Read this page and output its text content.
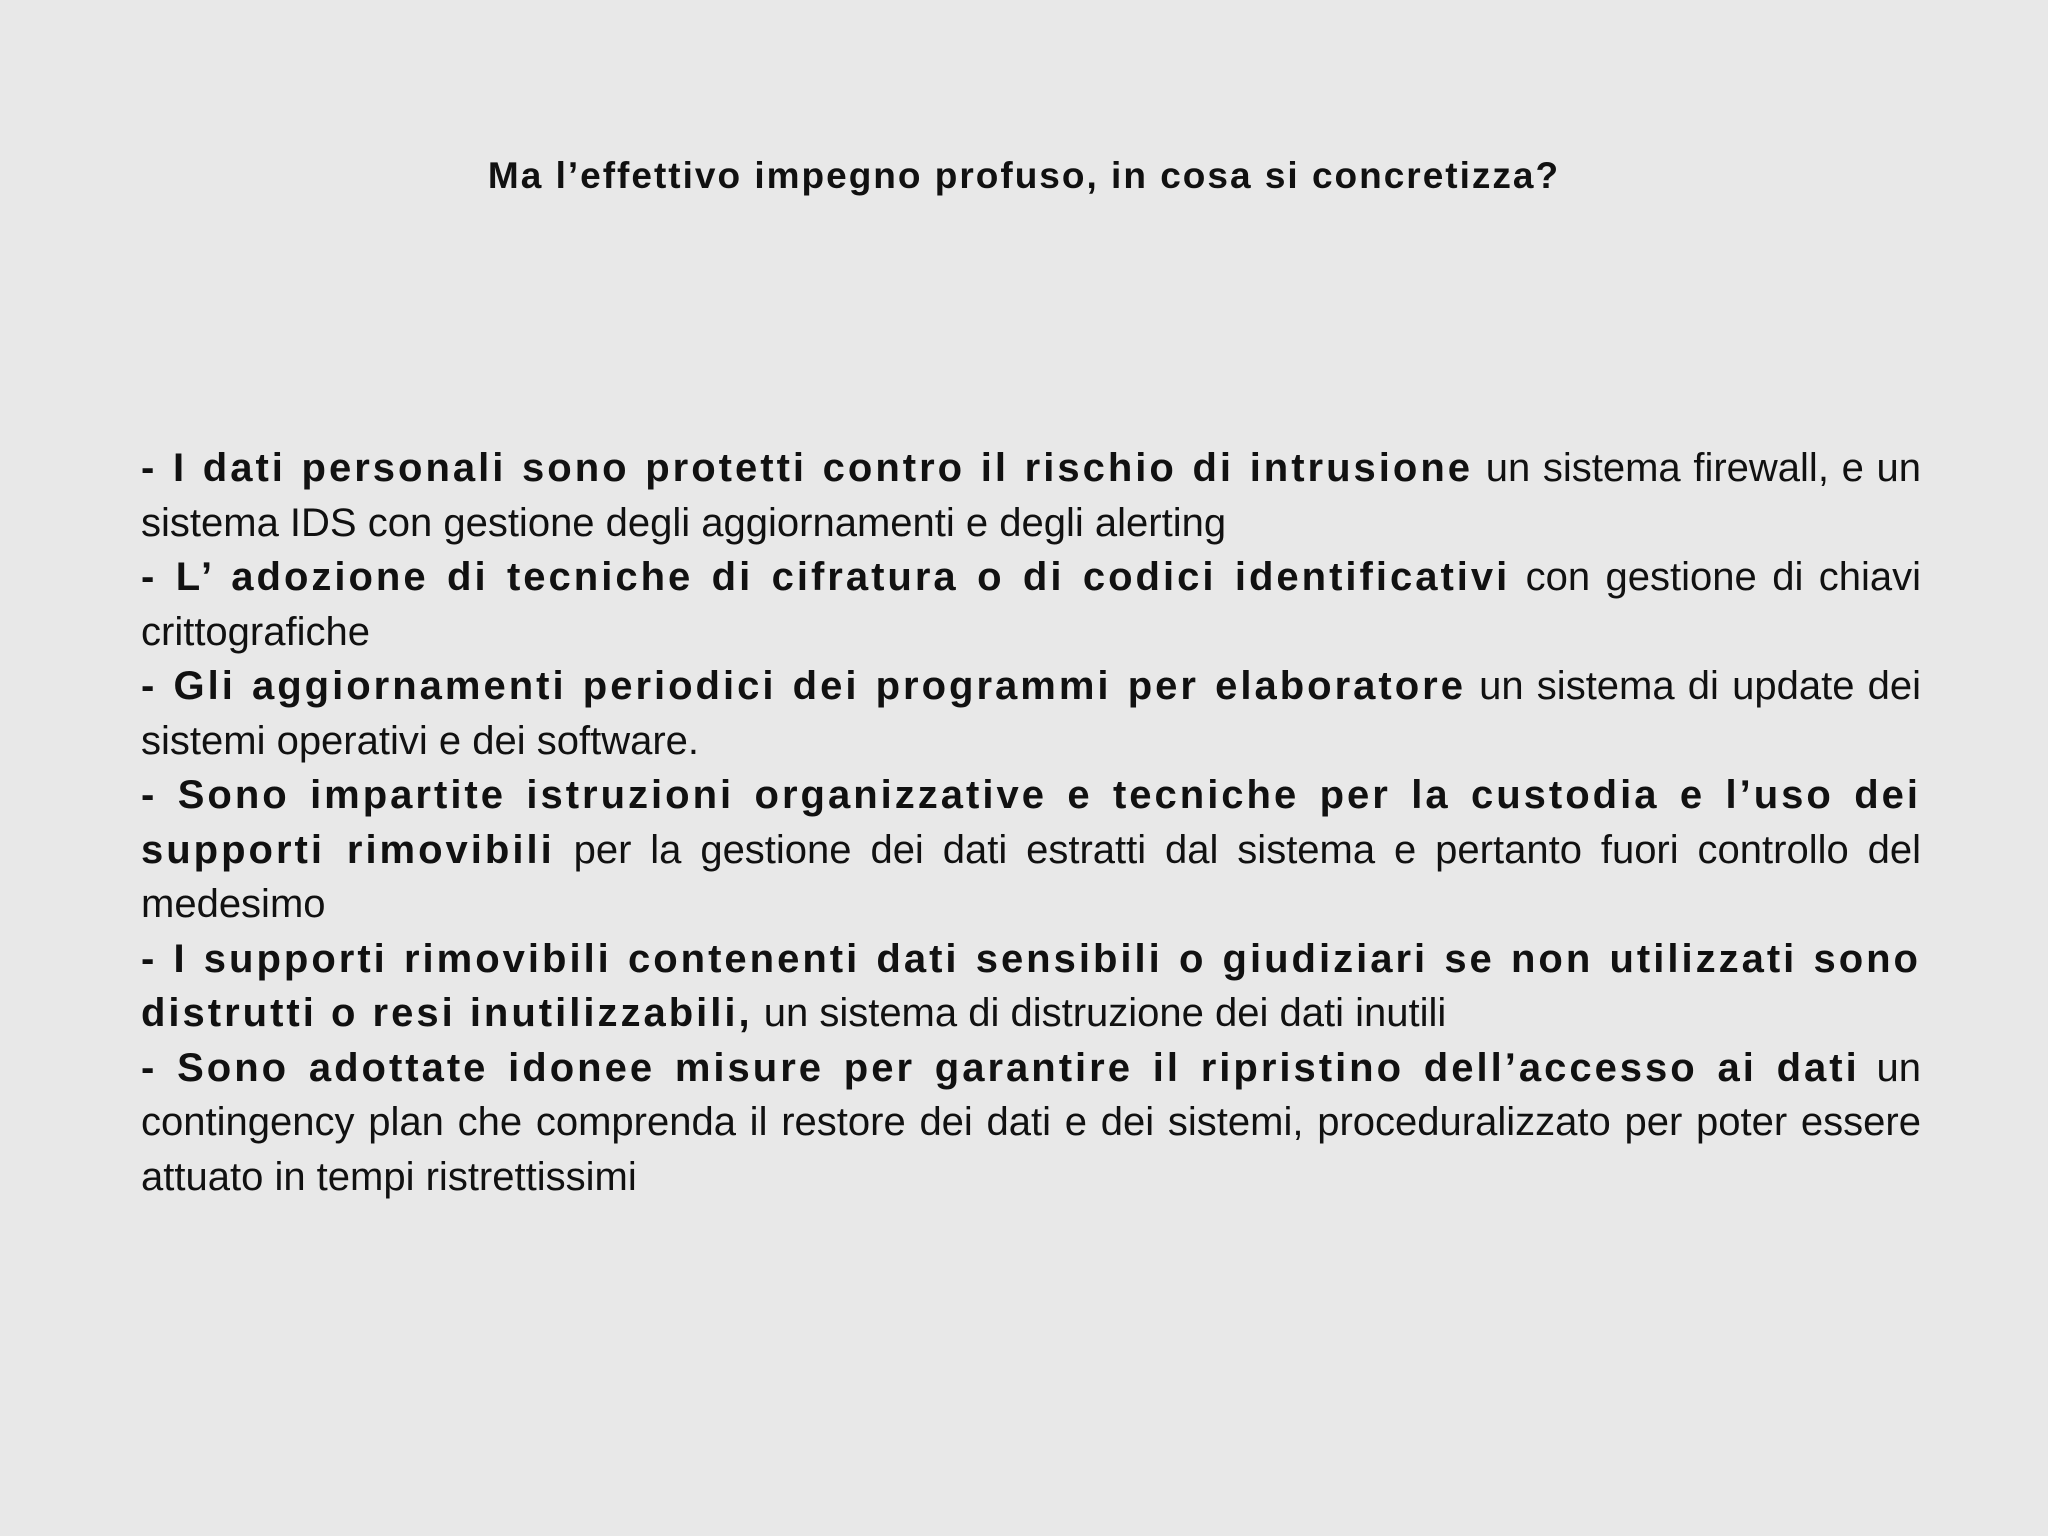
Ma l’effettivo impegno profuso, in cosa si concretizza?
- I dati personali sono protetti contro il rischio di intrusione un sistema firewall, e un sistema IDS con gestione degli aggiornamenti e degli alerting
- L’ adozione di tecniche di cifratura o di codici identificativi con gestione di chiavi crittografiche
- Gli aggiornamenti periodici dei programmi per elaboratore un sistema di update dei sistemi operativi e dei software.
- Sono impartite istruzioni organizzative e tecniche per la custodia e l’uso dei supporti rimovibili per la gestione dei dati estratti dal sistema e pertanto fuori controllo del medesimo
- I supporti rimovibili contenenti dati sensibili o giudiziari se non utilizzati sono distrutti o resi inutilizzabili, un sistema di distruzione dei dati inutili
- Sono adottate idonee misure per garantire il ripristino dell’accesso ai dati un contingency plan che comprenda il restore dei dati e dei sistemi, proceduralizzato per poter essere attuato in tempi ristrettissimi
